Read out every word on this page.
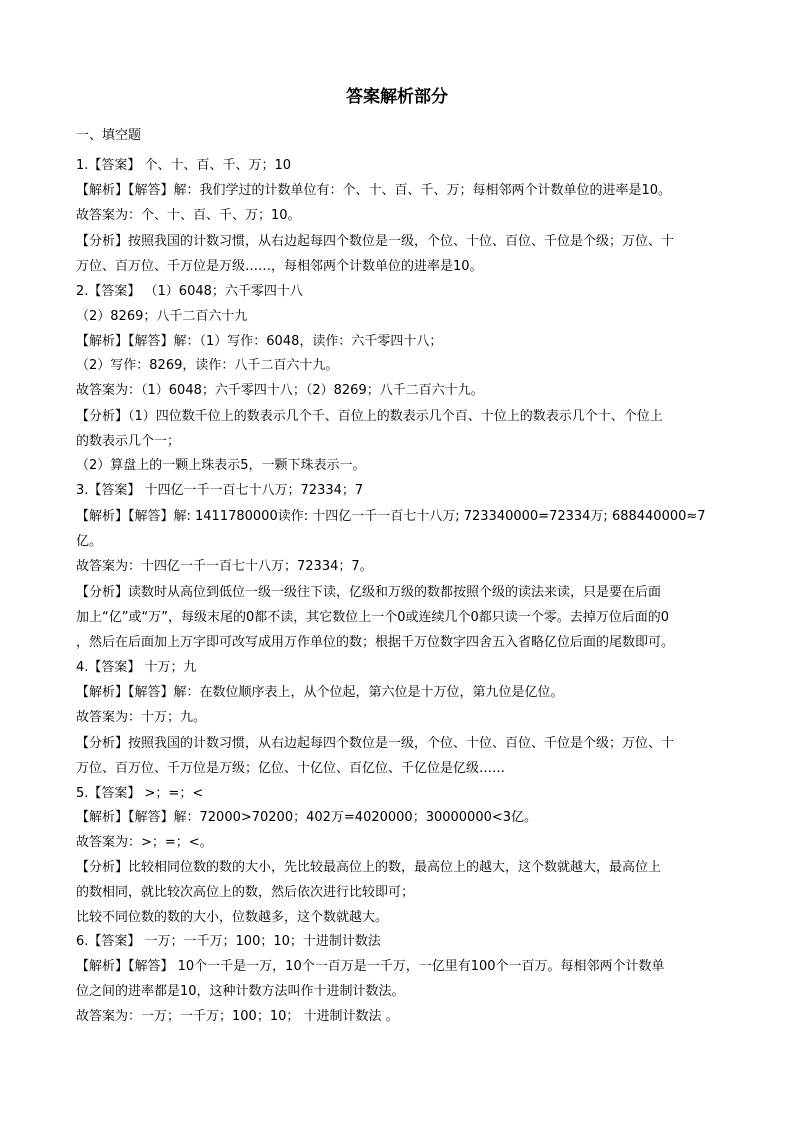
答案解析部分
一、填空题
1.【答案】 个、十、百、千、万；10
【解析】【解答】解：我们学过的计数单位有：个、十、百、千、万；每相邻两个计数单位的进率是10。
故答案为：个、十、百、千、万；10。
【分析】按照我国的计数习惯，从右边起每四个数位是一级，个位、十位、百位、千位是个级；万位、十
万位、百万位、千万位是万级……，每相邻两个计数单位的进率是10。
2.【答案】 （1）6048；六千零四十八
（2）8269；八千二百六十九
【解析】【解答】解：（1）写作：6048，读作：六千零四十八；
（2）写作：8269，读作：八千二百六十九。
故答案为：（1）6048；六千零四十八；（2）8269；八千二百六十九。
【分析】（1）四位数千位上的数表示几个千、百位上的数表示几个百、十位上的数表示几个十、个位上
的数表示几个一；
（2）算盘上的一颗上珠表示5，一颗下珠表示一。
3.【答案】 十四亿一千一百七十八万；72334；7
【解析】【解答】解: 1411780000读作: 十四亿一千一百七十八万; 723340000=72334万; 688440000≈7
亿。
故答案为：十四亿一千一百七十八万；72334；7。
【分析】读数时从高位到低位一级一级往下读，亿级和万级的数都按照个级的读法来读，只是要在后面
加上“亿”或“万”，每级末尾的0都不读，其它数位上一个0或连续几个0都只读一个零。去掉万位后面的0
，然后在后面加上万字即可改写成用万作单位的数；根据千万位数字四舍五入省略亿位后面的尾数即可。
4.【答案】 十万；九
【解析】【解答】解：在数位顺序表上，从个位起，第六位是十万位，第九位是亿位。
故答案为：十万；九。
【分析】按照我国的计数习惯，从右边起每四个数位是一级，个位、十位、百位、千位是个级；万位、十
万位、百万位、千万位是万级；亿位、十亿位、百亿位、千亿位是亿级……
5.【答案】 >；=；<
【解析】【解答】解：72000>70200；402万=4020000；30000000<3亿。
故答案为：>；=；<。
【分析】比较相同位数的数的大小，先比较最高位上的数，最高位上的越大，这个数就越大，最高位上
的数相同，就比较次高位上的数，然后依次进行比较即可；
比较不同位数的数的大小，位数越多，这个数就越大。
6.【答案】 一万；一千万；100；10；十进制计数法
【解析】【解答】 10个一千是一万，10个一百万是一千万，一亿里有100个一百万。每相邻两个计数单
位之间的进率都是10，这种计数方法叫作十进制计数法。
故答案为：一万；一千万；100；10； 十进制计数法 。
